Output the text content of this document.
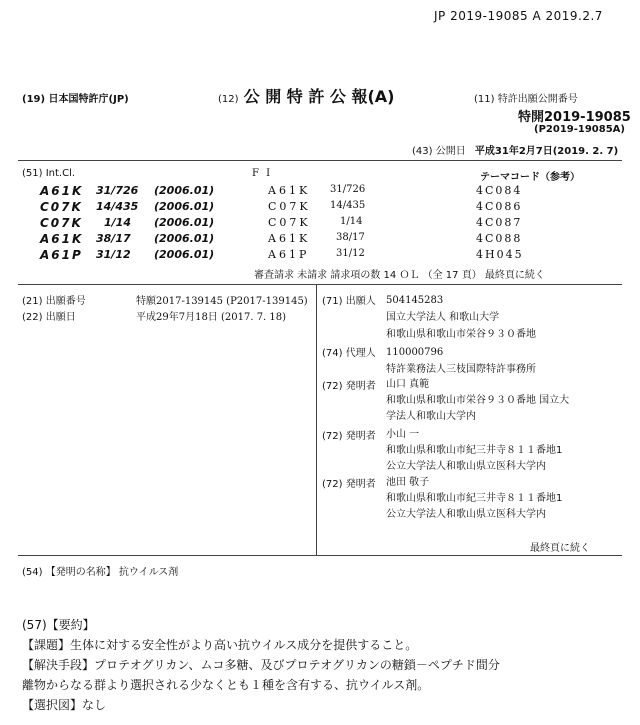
JP 2019-19085 A 2019.2.7
(19) 日本国特許庁(JP)	(12) 公 開 特 許 公 報(A)	(11) 特許出願公開番号
特開2019-19085
(P2019-19085A)
(43) 公開日 平成31年2月7日(2019. 2. 7)
(51) Int.Cl.	F I	テーマコード（参考）
A61K 31/726 (2006.01)	A61K 31/726	4C084
C07K 14/435 (2006.01)	C07K 14/435	4C086
C07K 1/14 (2006.01)	C07K	1/14	4C087
A61K 38/17 (2006.01)	A61K	38/17	4C088
A61P 31/12 (2006.01)	A61P	31/12	4H045
審査請求 未請求 請求項の数 14 ＯＬ （全 17 頁） 最終頁に続く
(21) 出願番号	特願2017-139145 (P2017-139145)
(22) 出願日	平成29年7月18日 (2017. 7. 18)
(71) 出願人 504145283
国立大学法人 和歌山大学
和歌山県和歌山市栄谷９３０番地
(74) 代理人 110000796
特許業務法人三枝国際特許事務所
(72) 発明者 山口 真範
和歌山県和歌山市栄谷９３０番地 国立大
学法人和歌山大学内
(72) 発明者 小山 一
和歌山県和歌山市紀三井寺８１１番地1
公立大学法人和歌山県立医科大学内
(72) 発明者 池田 敬子
和歌山県和歌山市紀三井寺８１１番地1
公立大学法人和歌山県立医科大学内
最終頁に続く
(54) 【発明の名称】 抗ウイルス剤
(57)【要約】
【課題】生体に対する安全性がより高い抗ウイルス成分を提供すること。
【解決手段】プロテオグリカン、ムコ多糖、及びプロテオグリカンの糖鎖－ペプチド間分
離物からなる群より選択される少なくとも１種を含有する、抗ウイルス剤。
【選択図】なし
